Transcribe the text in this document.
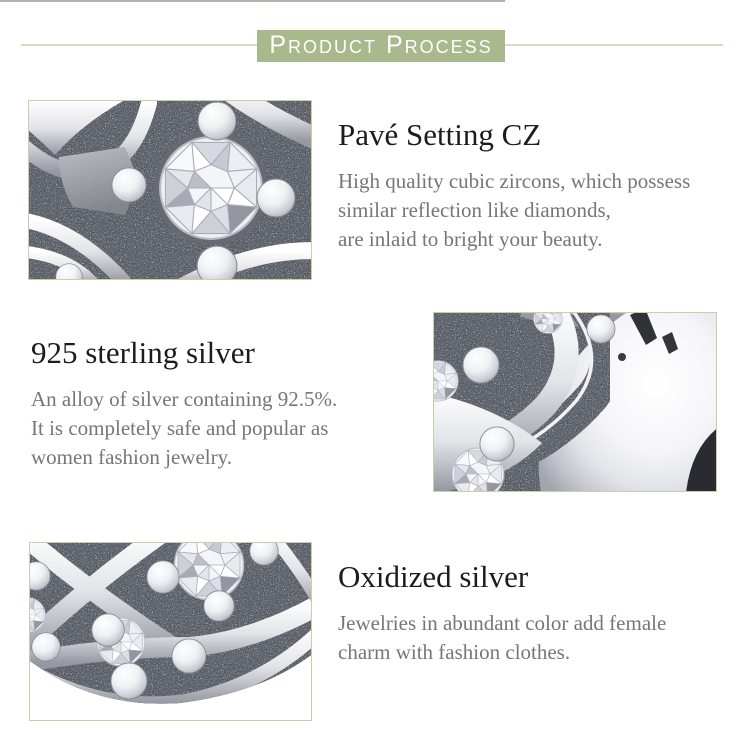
Product Process
Pavé Setting CZ
High quality cubic zircons, which possess
similar reflection like diamonds,
are inlaid to bright your beauty.
925 sterling silver
An alloy of silver containing 92.5%.
It is completely safe and popular as
women fashion jewelry.
Oxidized silver
Jewelries in abundant color add female
charm with fashion clothes.
